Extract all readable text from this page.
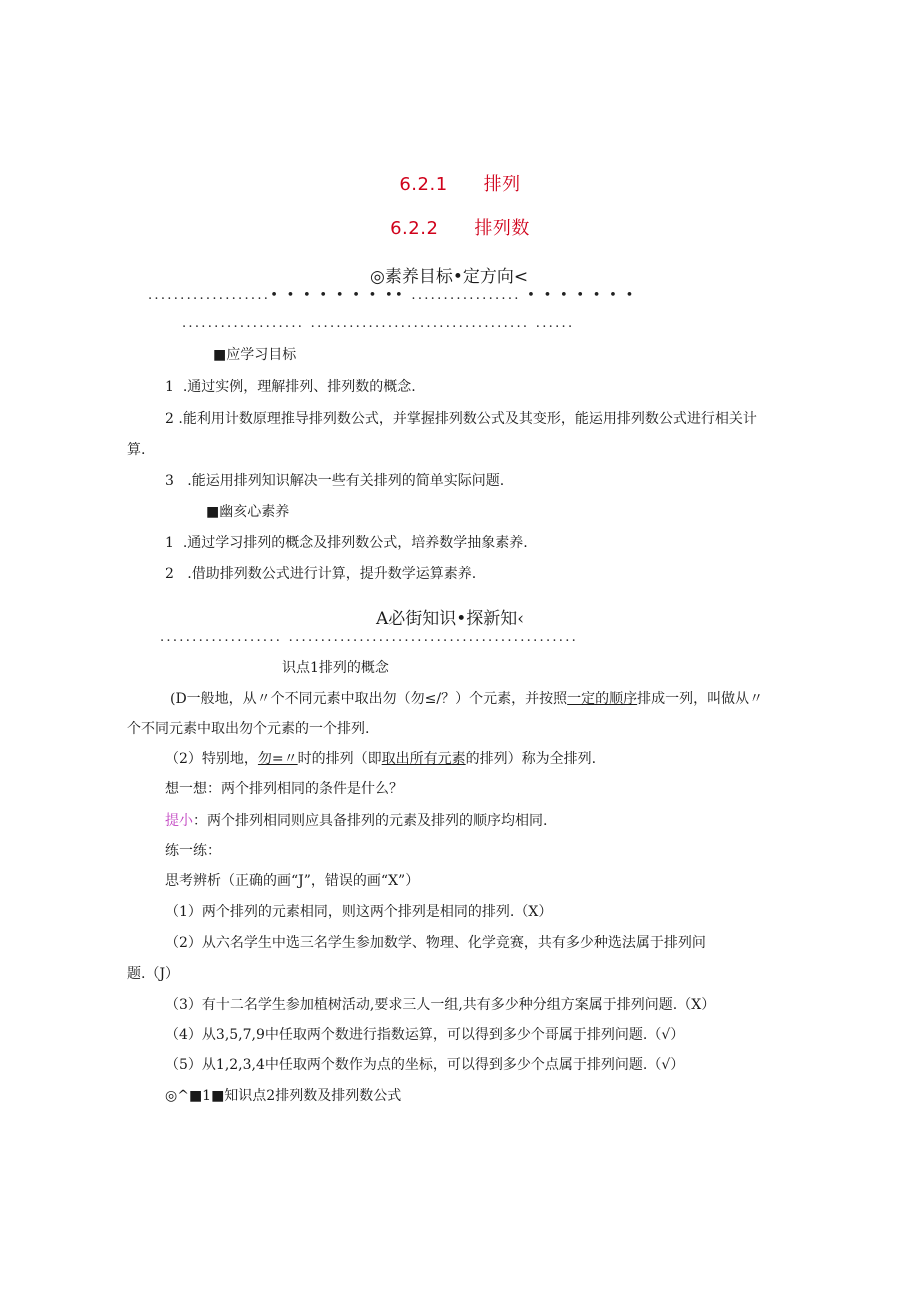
6.2.1 排列
6.2.2 排列数
◎素养目标•定方向<
...................• • • • • • • •• ................. • • • • • • •
................... .................................. ......
■应学习目标
1 .通过实例，理解排列、排列数的概念.
2 .能利用计数原理推导排列数公式，并掌握排列数公式及其变形，能运用排列数公式进行相关计
算.
3 .能运用排列知识解决一些有关排列的简单实际问题.
■幽亥心素养
1 .通过学习排列的概念及排列数公式，培养数学抽象素养.
2 .借助排列数公式进行计算，提升数学运算素养.
A必街知识•探新知‹
................... .............................................
识点1排列的概念
(D一般地，从〃个不同元素中取出勿（勿≤/？）个元素，并按照一定的顺序排成一列，叫做从〃
个不同元素中取出勿个元素的一个排列.
（2）特别地，勿=〃时的排列（即取出所有元素的排列）称为全排列.
想一想：两个排列相同的条件是什么？
提小：两个排列相同则应具备排列的元素及排列的顺序均相同.
练一练：
思考辨析（正确的画“J”，错误的画“X”）
（1）两个排列的元素相同，则这两个排列是相同的排列.（X）
（2）从六名学生中选三名学生参加数学、物理、化学竞赛，共有多少种选法属于排列问
题.（J）
（3）有十二名学生参加植树活动,要求三人一组,共有多少种分组方案属于排列问题.（X）
（4）从3,5,7,9中任取两个数进行指数运算，可以得到多少个哥属于排列问题.（√）
（5）从1,2,3,4中任取两个数作为点的坐标，可以得到多少个点属于排列问题.（√）
◎^■1■知识点2排列数及排列数公式
